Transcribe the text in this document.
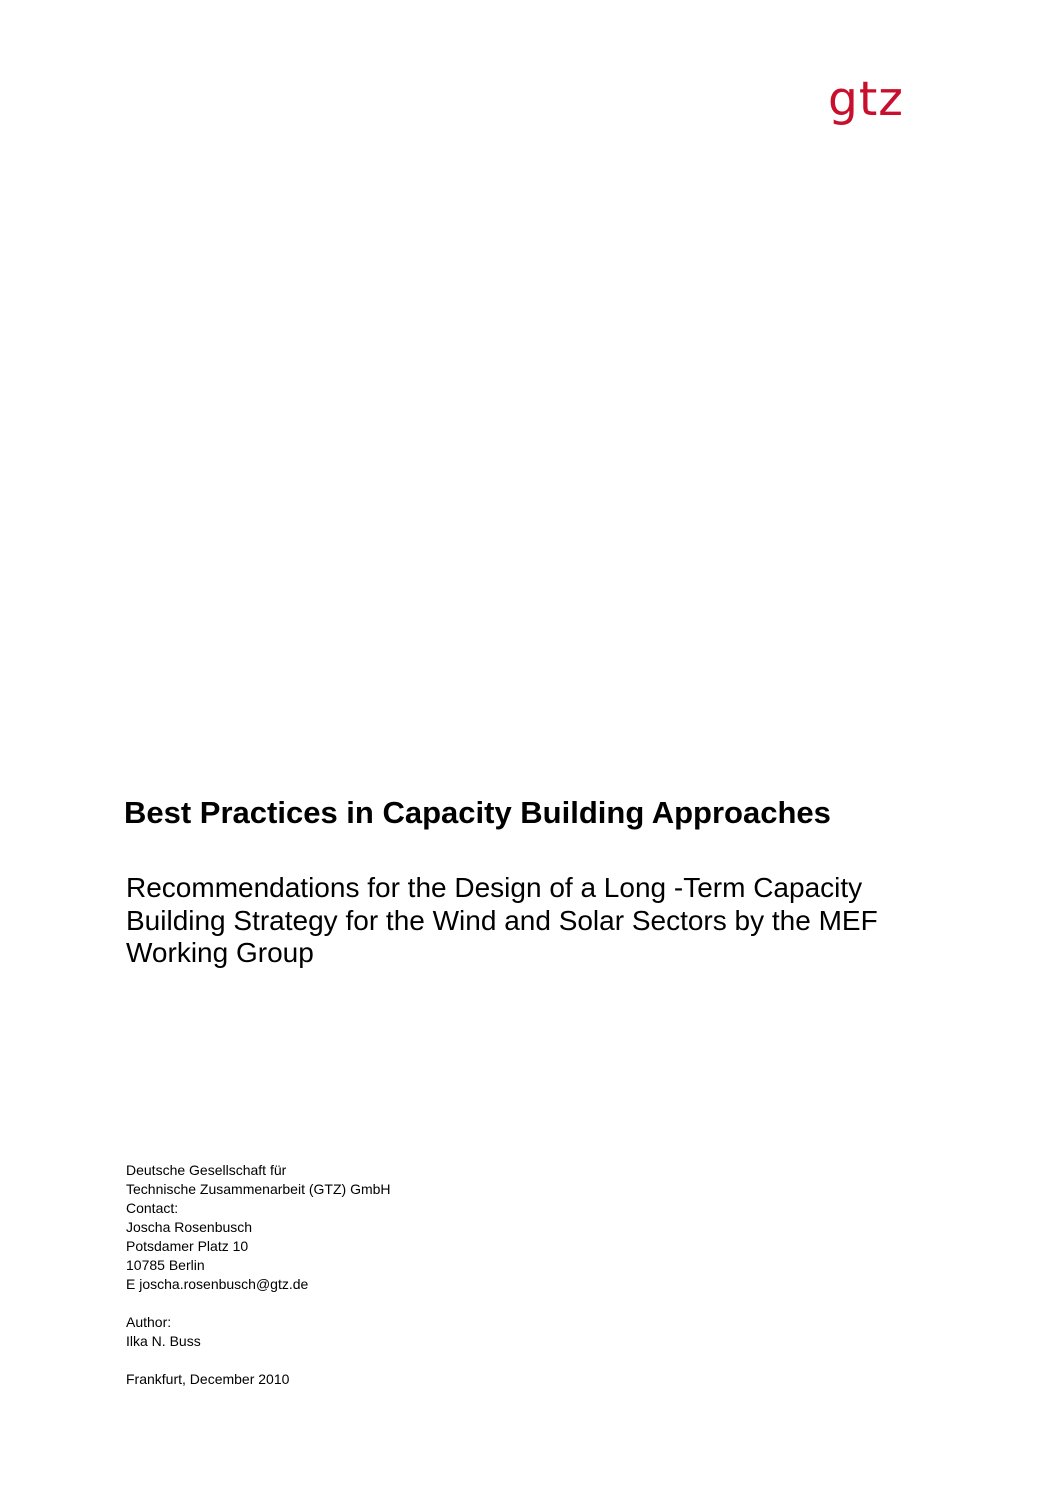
gtz
Best Practices in Capacity Building Approaches
Recommendations for the Design of a Long -Term Capacity
Building Strategy for the Wind and Solar Sectors by the MEF
Working Group
Deutsche Gesellschaft für
Technische Zusammenarbeit (GTZ) GmbH
Contact:
Joscha Rosenbusch
Potsdamer Platz 10
10785 Berlin
E joscha.rosenbusch@gtz.de
Author:
Ilka N. Buss
Frankfurt, December 2010
